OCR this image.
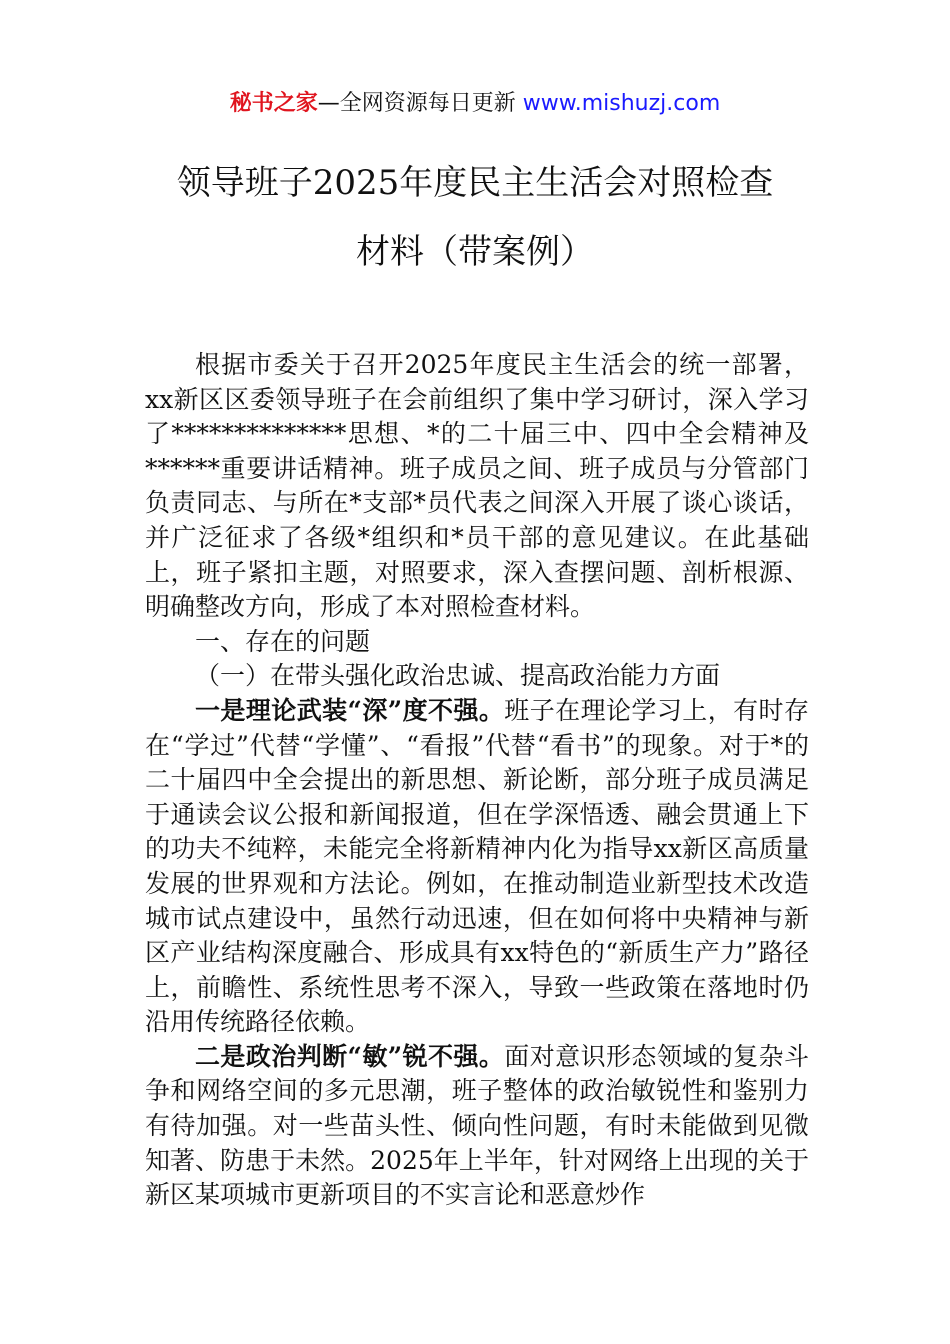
秘书之家—全网资源每日更新 www.mishuzj.com
领导班子2025年度民主生活会对照检查
材料（带案例）

根据市委关于召开2025年度民主生活会的统一部署，xx新区区委领导班子在会前组织了集中学习研讨，深入学习了**************思想、*的二十届三中、四中全会精神及******重要讲话精神。班子成员之间、班子成员与分管部门负责同志、与所在*支部*员代表之间深入开展了谈心谈话，并广泛征求了各级*组织和*员干部的意见建议。在此基础上，班子紧扣主题，对照要求，深入查摆问题、剖析根源、明确整改方向，形成了本对照检查材料。

一、存在的问题

（一）在带头强化政治忠诚、提高政治能力方面

一是理论武装“深”度不强。班子在理论学习上，有时存在“学过”代替“学懂”、“看报”代替“看书”的现象。对于*的二十届四中全会提出的新思想、新论断，部分班子成员满足于通读会议公报和新闻报道，但在学深悟透、融会贯通上下的功夫不纯粹，未能完全将新精神内化为指导xx新区高质量发展的世界观和方法论。例如，在推动制造业新型技术改造城市试点建设中，虽然行动迅速，但在如何将中央精神与新区产业结构深度融合、形成具有xx特色的“新质生产力”路径上，前瞻性、系统性思考不深入，导致一些政策在落地时仍沿用传统路径依赖。

二是政治判断“敏”锐不强。面对意识形态领域的复杂斗争和网络空间的多元思潮，班子整体的政治敏锐性和鉴别力有待加强。对一些苗头性、倾向性问题，有时未能做到见微知著、防患于未然。2025年上半年，针对网络上出现的关于新区某项城市更新项目的不实言论和恶意炒作
